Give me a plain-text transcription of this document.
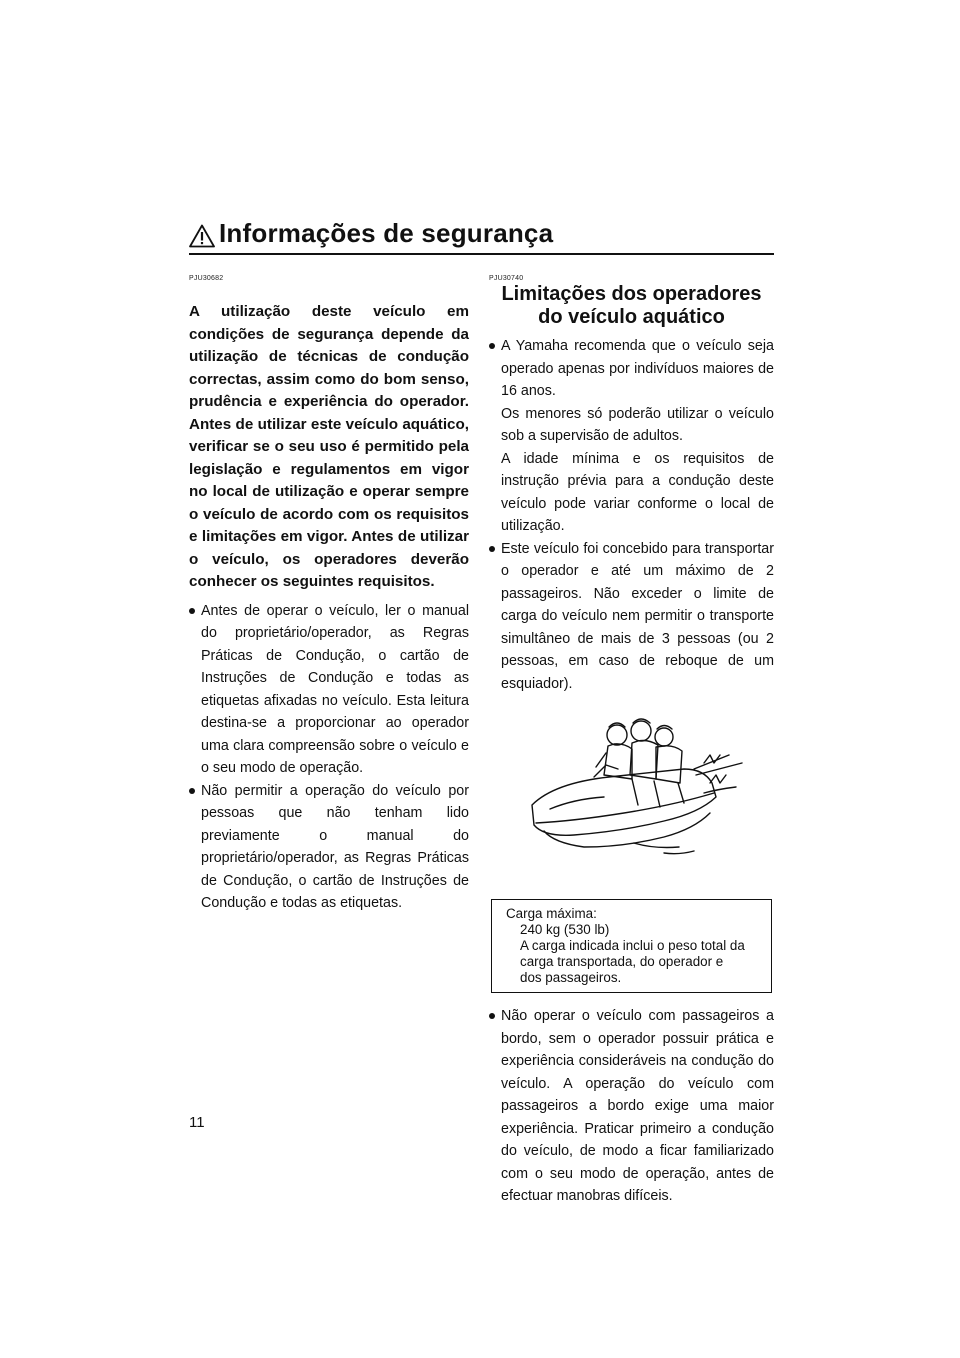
Informações de segurança
PJU30682
A utilização deste veículo em condições de segurança depende da utilização de técnicas de condução correctas, assim como do bom senso, prudência e experiência do operador. Antes de utilizar este veículo aquático, verificar se o seu uso é permitido pela legislação e regulamentos em vigor no local de utilização e operar sempre o veículo de acordo com os requisitos e limitações em vigor. Antes de utilizar o veículo, os operadores deverão conhecer os seguintes requisitos.

Antes de operar o veículo, ler o manual do proprietário/operador, as Regras Práticas de Condução, o cartão de Instruções de Condução e todas as etiquetas afixadas no veículo. Esta leitura destina-se a proporcionar ao operador uma clara compreensão sobre o veículo e o seu modo de operação.

Não permitir a operação do veículo por pessoas que não tenham lido previamente o manual do proprietário/operador, as Regras Práticas de Condução, o cartão de Instruções de Condução e todas as etiquetas.

PJU30740
Limitações dos operadores do veículo aquático

A Yamaha recomenda que o veículo seja operado apenas por indivíduos maiores de 16 anos.

Os menores só poderão utilizar o veículo sob a supervisão de adultos.

A idade mínima e os requisitos de instrução prévia para a condução deste veículo pode variar conforme o local de utilização.

Este veículo foi concebido para transportar o operador e até um máximo de 2 passageiros. Não exceder o limite de carga do veículo nem permitir o transporte simultâneo de mais de 3 pessoas (ou 2 pessoas, em caso de reboque de um esquiador).

Carga máxima:

240 kg (530 lb)

A carga indicada inclui o peso total da

carga transportada, do operador e

dos passageiros.

Não operar o veículo com passageiros a bordo, sem o operador possuir prática e experiência consideráveis na condução do veículo. A operação do veículo com passageiros a bordo exige uma maior experiência. Praticar primeiro a condução do veículo, de modo a ficar familiarizado com o seu modo de operação, antes de efectuar manobras difíceis.

11
